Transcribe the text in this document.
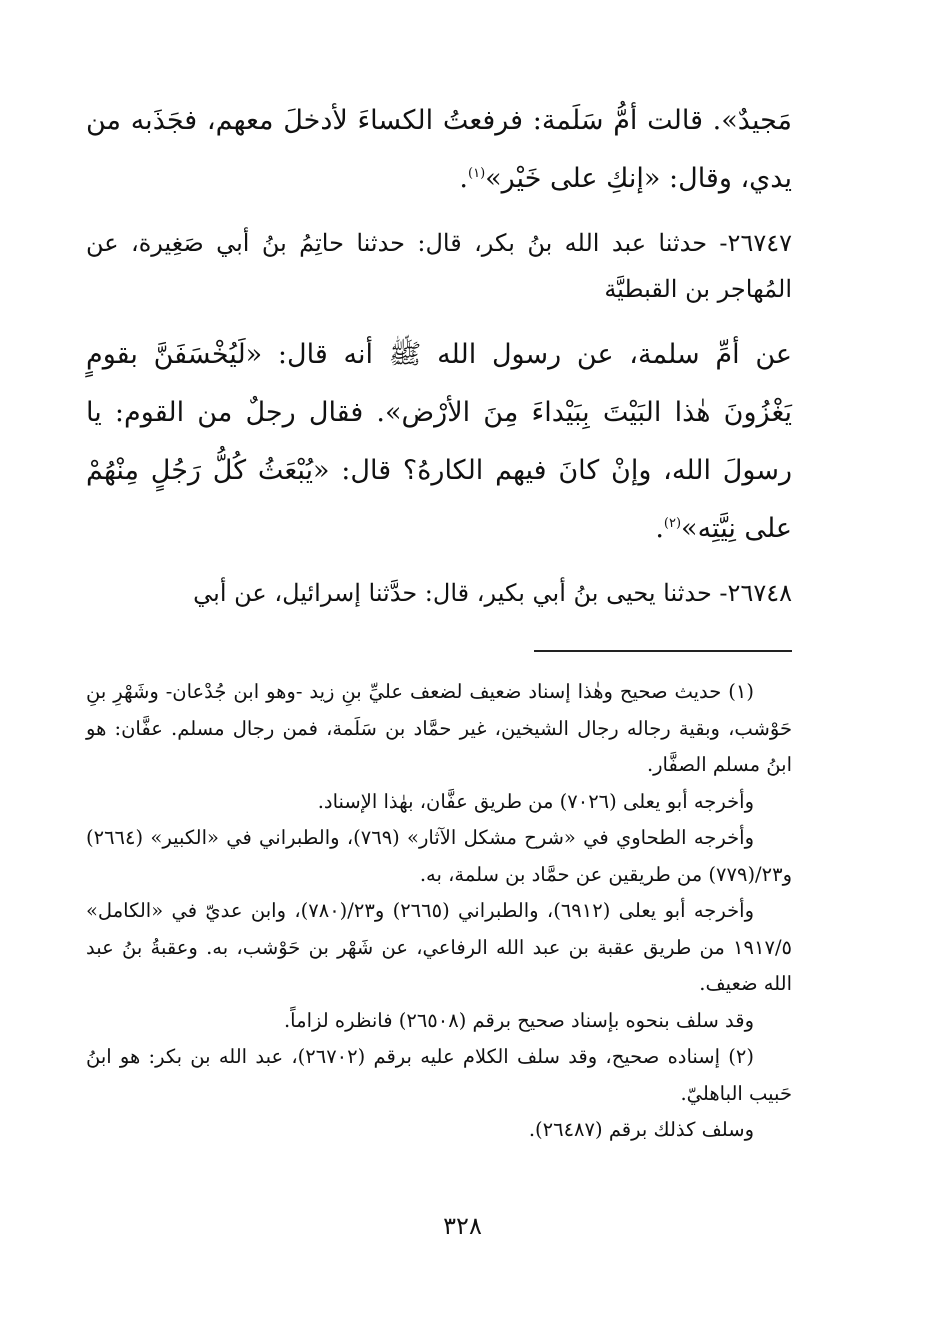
مَجيدٌ». قالت أمُّ سَلَمة: فرفعتُ الكساءَ لأدخلَ معهم، فجَذَبه من يدي، وقال: «إنكِ على خَيْر»$^{(١)}$.

٢٦٧٤٧- حدثنا عبد الله بنُ بكر، قال: حدثنا حاتِمُ بنُ أبي صَغِيرة، عن المُهاجر بن القبطيَّة

عن أمِّ سلمة، عن رسول الله ﷺ أنه قال: «لَيُخْسَفَنَّ بقومٍ يَغْزُونَ هٰذا البَيْتَ بِبَيْداءَ مِنَ الأرْض». فقال رجلٌ من القوم: يا رسولَ الله، وإنْ كانَ فيهم الكارهُ؟ قال: «يُبْعَثُ كُلُّ رَجُلٍ مِنْهُمْ على نِيَّتِه»$^{(٢)}$.

٢٦٧٤٨- حدثنا يحيى بنُ أبي بكير، قال: حدَّثنا إسرائيل، عن أبي

(١) حديث صحيح وهٰذا إسناد ضعيف لضعف عليِّ بنِ زيد -وهو ابن جُدْعان- وشَهْرِ بنِ حَوْشب، وبقية رجاله رجال الشيخين، غير حمَّاد بن سَلَمة، فمن رجال مسلم. عفَّان: هو ابنُ مسلم الصفَّار.

وأخرجه أبو يعلى (٧٠٢٦) من طريق عفَّان، بهٰذا الإسناد.

وأخرجه الطحاوي في «شرح مشكل الآثار» (٧٦٩)، والطبراني في «الكبير» (٢٦٦٤) و٢٣/(٧٧٩) من طريقين عن حمَّاد بن سلمة، به.

وأخرجه أبو يعلى (٦٩١٢)، والطبراني (٢٦٦٥) و٢٣/(٧٨٠)، وابن عديّ في «الكامل» ١٩١٧/٥ من طريق عقبة بن عبد الله الرفاعي، عن شَهْر بن حَوْشب، به. وعقبةُ بنُ عبد الله ضعيف.

وقد سلف بنحوه بإسناد صحيح برقم (٢٦٥٠٨) فانظره لزاماً.

(٢) إسناده صحيح، وقد سلف الكلام عليه برقم (٢٦٧٠٢)، عبد الله بن بكر: هو ابنُ حَبيب الباهليّ.

وسلف كذلك برقم (٢٦٤٨٧).

٣٢٨
